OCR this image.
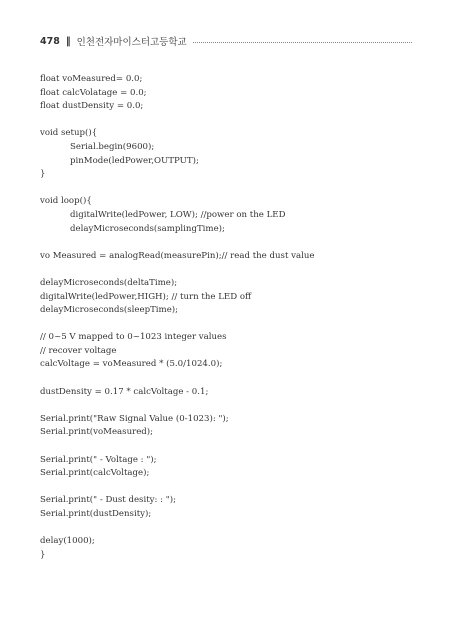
478 ‖ 인천전자마이스터고등학교
float voMeasured= 0.0;
float calcVolatage = 0.0;
float dustDensity = 0.0;
void setup(){
Serial.begin(9600);
pinMode(ledPower,OUTPUT);
}
void loop(){
digitalWrite(ledPower, LOW); //power on the LED
delayMicroseconds(samplingTime);
vo Measured = analogRead(measurePin);// read the dust value
delayMicroseconds(deltaTime);
digitalWrite(ledPower,HIGH); // turn the LED off
delayMicroseconds(sleepTime);
// 0~5 V mapped to 0~1023 integer values
// recover voltage
calcVoltage = voMeasured * (5.0/1024.0);
dustDensity = 0.17 * calcVoltage - 0.1;
Serial.print("Raw Signal Value (0-1023): ");
Serial.print(voMeasured);
Serial.print(" - Voltage : ");
Serial.print(calcVoltage);
Serial.print(" - Dust desity: : ");
Serial.print(dustDensity);
delay(1000);
}
